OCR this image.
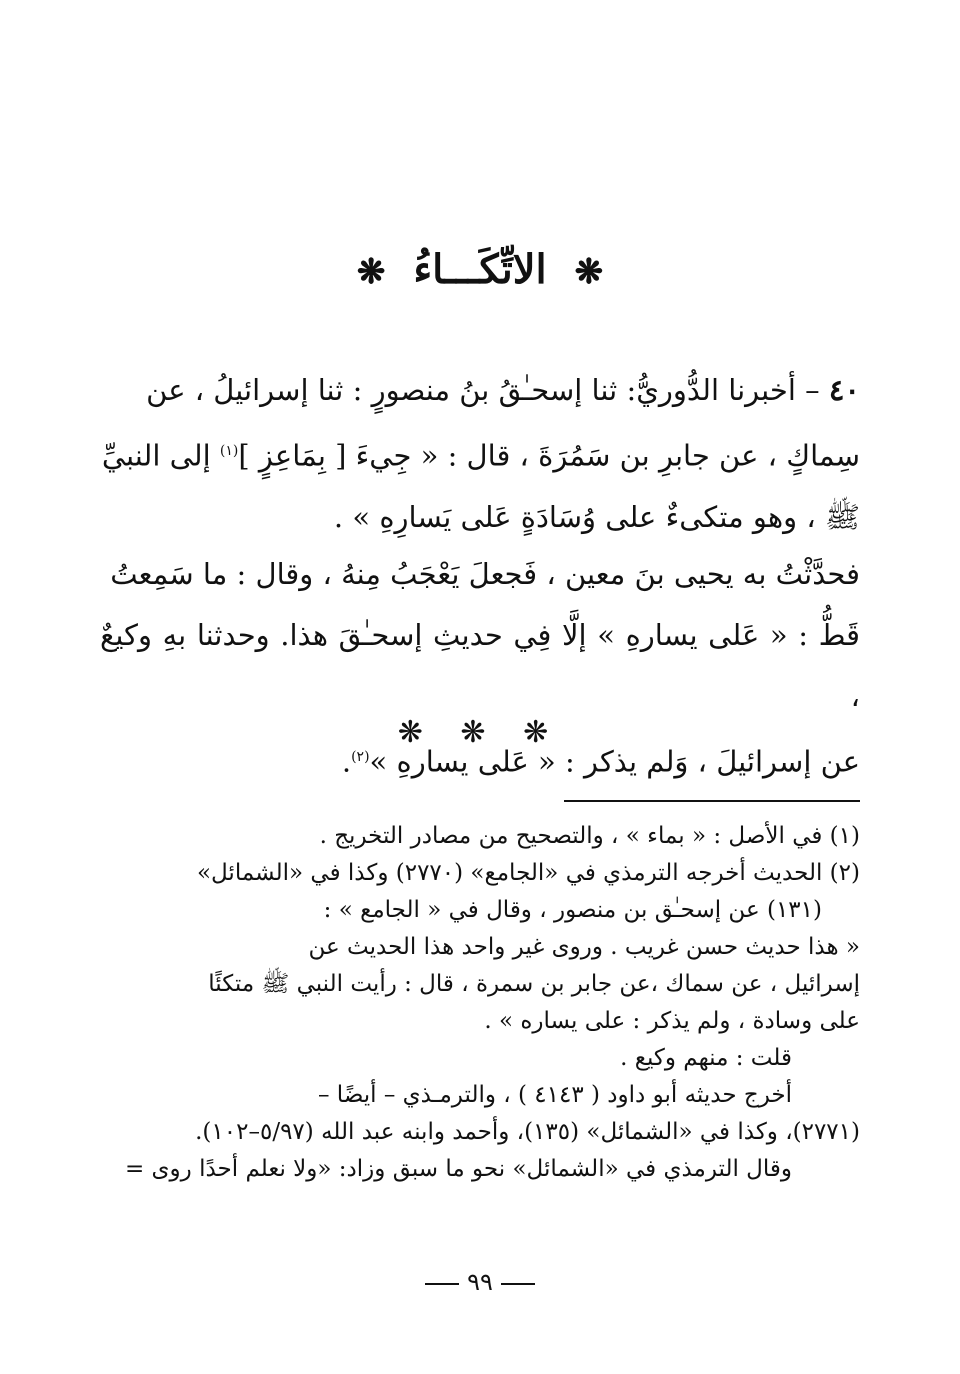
❋ الاتِّكَـــاءُ ❋
٤٠ – أخبرنا الدُّوريُّ: ثنا إسحـٰقُ بنُ منصورٍ : ثنا إسرائيلُ ، عن
سِماكٍ ، عن جابرِ بن سَمُرَةَ ، قال : « جِيءَ [ بِمَاعِزٍ ]$^{(١)}$ إلى النبيِّ
ﷺ ، وهو متكىءٌ على وُسَادَةٍ عَلى يَسارِهِ » .
فحدَّثْتُ به يحيى بنَ معين ، فَجعلَ يَعْجَبُ مِنهُ ، وقال : ما سَمِعتُ
قَطُّ : « عَلى يسارهِ » إلَّا فِي حديثِ إسحـٰقَ هذا. وحدثنا بهِ وكيعٌ ،
عن إسرائيلَ ، وَلم يذكر : « عَلى يسارهِ »$^{(٢)}$.
❋ ❋ ❋

(١) في الأصل : « بماء » ، والتصحيح من مصادر التخريج .

(٢) الحديث أخرجه الترمذي في «الجامع» (٢٧٧٠) وكذا في «الشمائل»

(١٣١) عن إسحـٰق بن منصور ، وقال في « الجامع » :

« هذا حديث حسن غريب . وروى غير واحد هذا الحديث عن

إسرائيل ، عن سماك ،عن جابر بن سمرة ، قال : رأيت النبي ﷺ متكئًا

على وسادة ، ولم يذكر : على يساره » .

قلت : منهم وكيع .

أخرج حديثه أبو داود ( ٤١٤٣ ) ، والترمـذي – أيضًا –

(٢٧٧١)، وكذا في «الشمائل» (١٣٥)، وأحمد وابنه عبد الله (٥/٩٧–١٠٢).

وقال الترمذي في «الشمائل» نحو ما سبق وزاد: «ولا نعلم أحدًا روى =

٩٩
